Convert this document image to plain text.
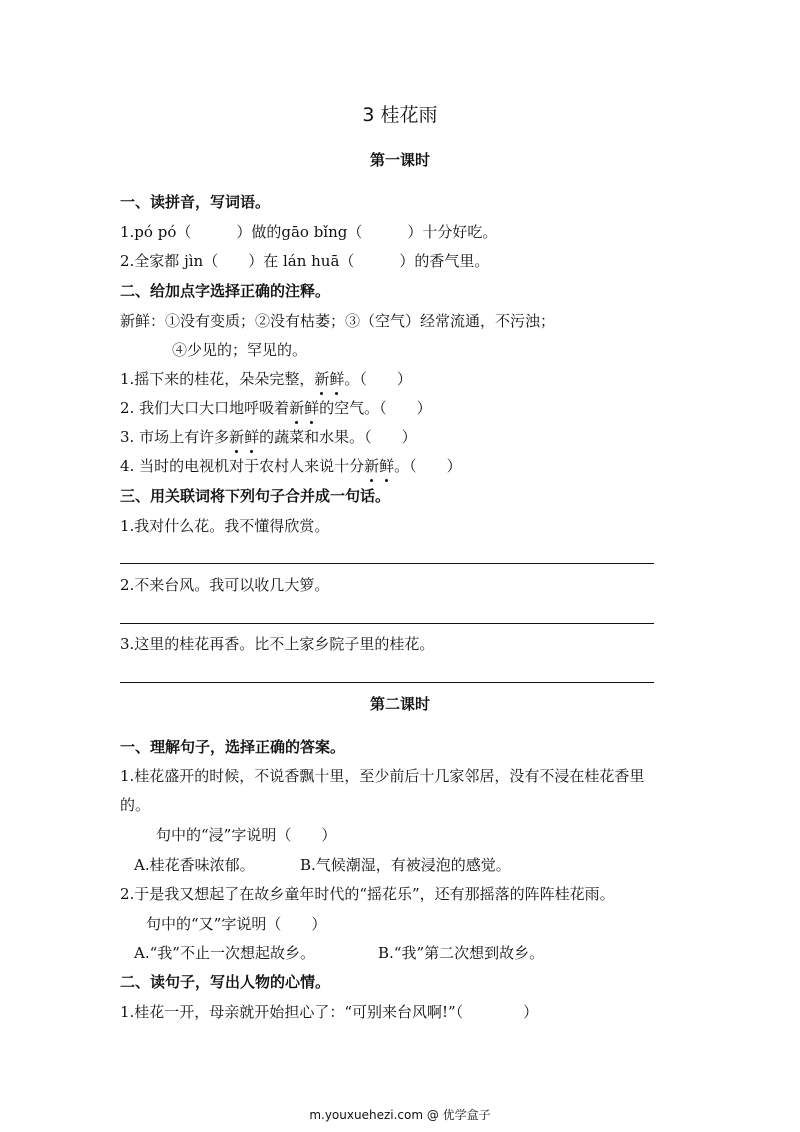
3 桂花雨
第一课时
一、读拼音，写词语。
1.pó pó（　　　）做的gāo bǐng（　　　）十分好吃。
2.全家都 jìn（　　）在 lán huā（　　　）的香气里。
二、给加点字选择正确的注释。
新鲜：①没有变质；②没有枯萎；③（空气）经常流通，不污浊；
④少见的；罕见的。
1.摇下来的桂花，朵朵完整，新鲜。（　　）
2. 我们大口大口地呼吸着新鲜的空气。（　　）
3. 市场上有许多新鲜的蔬菜和水果。（　　）
4. 当时的电视机对于农村人来说十分新鲜。（　　）
三、用关联词将下列句子合并成一句话。
1.我对什么花。我不懂得欣赏。
2.不来台风。我可以收几大箩。
3.这里的桂花再香。比不上家乡院子里的桂花。
第二课时
一、理解句子，选择正确的答案。
1.桂花盛开的时候，不说香飘十里，至少前后十几家邻居，没有不浸在桂花香里
的。
句中的“浸”字说明（　　）
A.桂花香味浓郁。	B.气候潮湿，有被浸泡的感觉。
2.于是我又想起了在故乡童年时代的“摇花乐”，还有那摇落的阵阵桂花雨。
句中的“又”字说明（　　）
A.“我”不止一次想起故乡。	B.“我”第二次想到故乡。
二、读句子，写出人物的心情。
1.桂花一开，母亲就开始担心了：“可别来台风啊!”（　　　　）
m.youxuehezi.com @ 优学盒子
